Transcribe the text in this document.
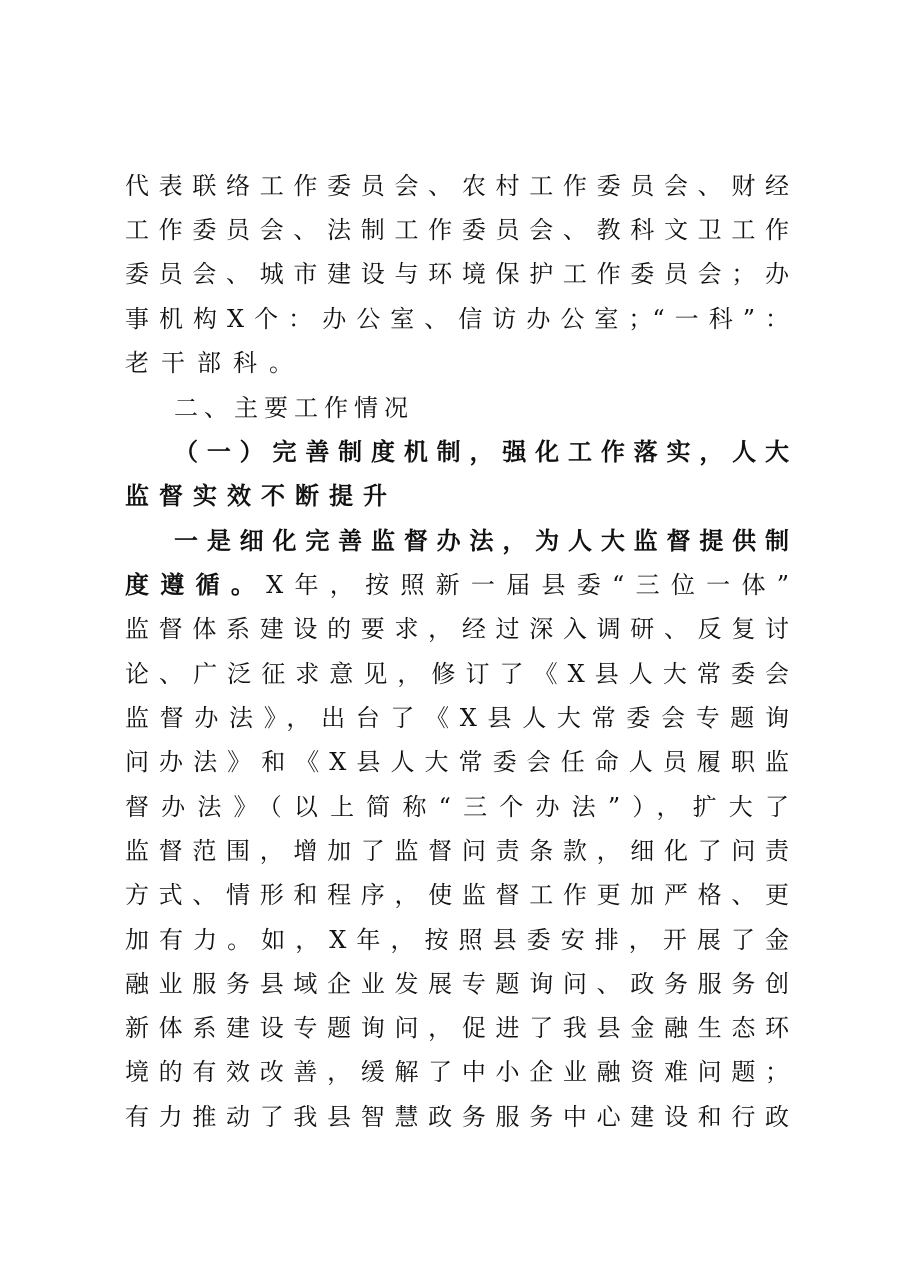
代表联络工作委员会、农村工作委员会、财经
工作委员会、法制工作委员会、教科文卫工作
委员会、城市建设与环境保护工作委员会；办
事机构X个：办公室、信访办公室；“一科”：
老干部科。
二、主要工作情况
（一）完善制度机制，强化工作落实，人大
监督实效不断提升
一是细化完善监督办法，为人大监督提供制
度遵循。X年，按照新一届县委“三位一体”
监督体系建设的要求，经过深入调研、反复讨
论、广泛征求意见，修订了《X县人大常委会
监督办法》，出台了《X县人大常委会专题询
问办法》和《X县人大常委会任命人员履职监
督办法》（以上简称“三个办法”），扩大了
监督范围，增加了监督问责条款，细化了问责
方式、情形和程序，使监督工作更加严格、更
加有力。如，X年，按照县委安排，开展了金
融业服务县域企业发展专题询问、政务服务创
新体系建设专题询问，促进了我县金融生态环
境的有效改善，缓解了中小企业融资难问题；
有力推动了我县智慧政务服务中心建设和行政
